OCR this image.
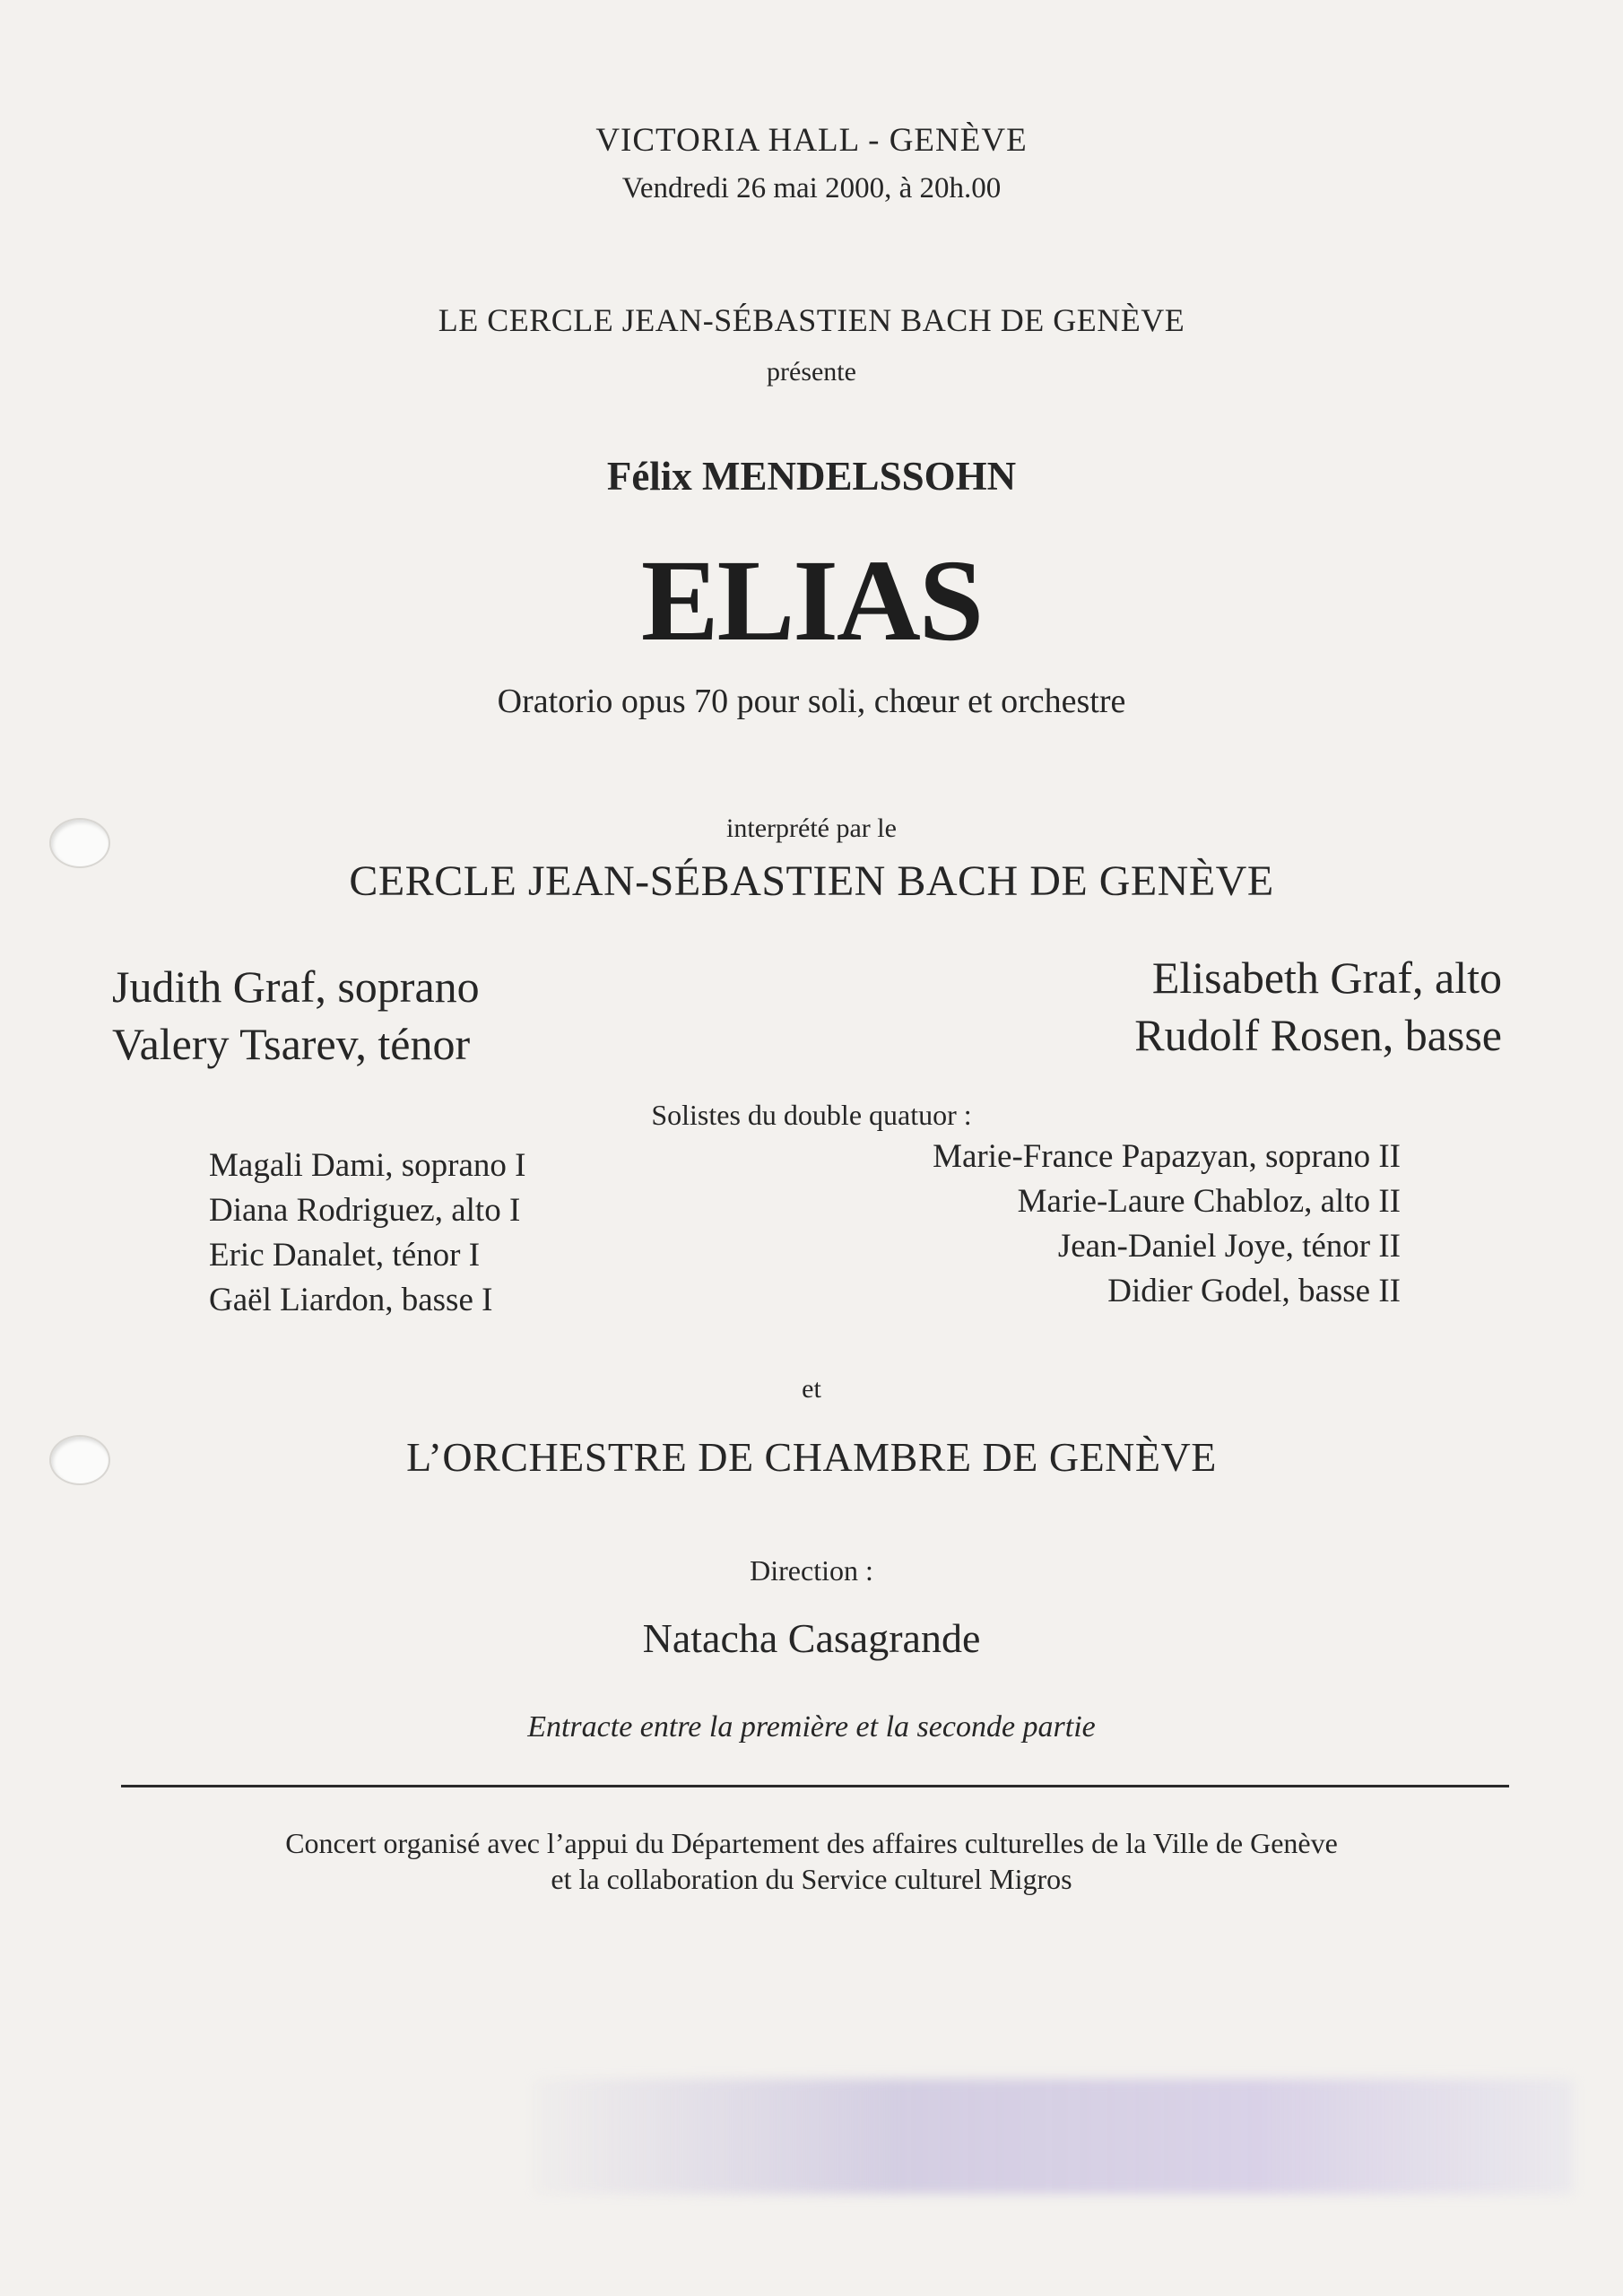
VICTORIA HALL - GENÈVE
Vendredi 26 mai 2000, à 20h.00
LE CERCLE JEAN-SÉBASTIEN BACH DE GENÈVE
présente
Félix MENDELSSOHN
ELIAS
Oratorio opus 70 pour soli, chœur et orchestre
interprété par le
CERCLE JEAN-SÉBASTIEN BACH DE GENÈVE
Judith Graf, soprano
Valery Tsarev, ténor
Elisabeth Graf, alto
Rudolf Rosen, basse
Solistes du double quatuor :
Magali Dami, soprano I
Diana Rodriguez, alto I
Eric Danalet, ténor I
Gaël Liardon, basse I
Marie-France Papazyan, soprano II
Marie-Laure Chabloz, alto II
Jean-Daniel Joye, ténor II
Didier Godel, basse II
et
L’ORCHESTRE DE CHAMBRE DE GENÈVE
Direction :
Natacha Casagrande
Entracte entre la première et la seconde partie
Concert organisé avec l’appui du Département des affaires culturelles de la Ville de Genève
et la collaboration du Service culturel Migros
